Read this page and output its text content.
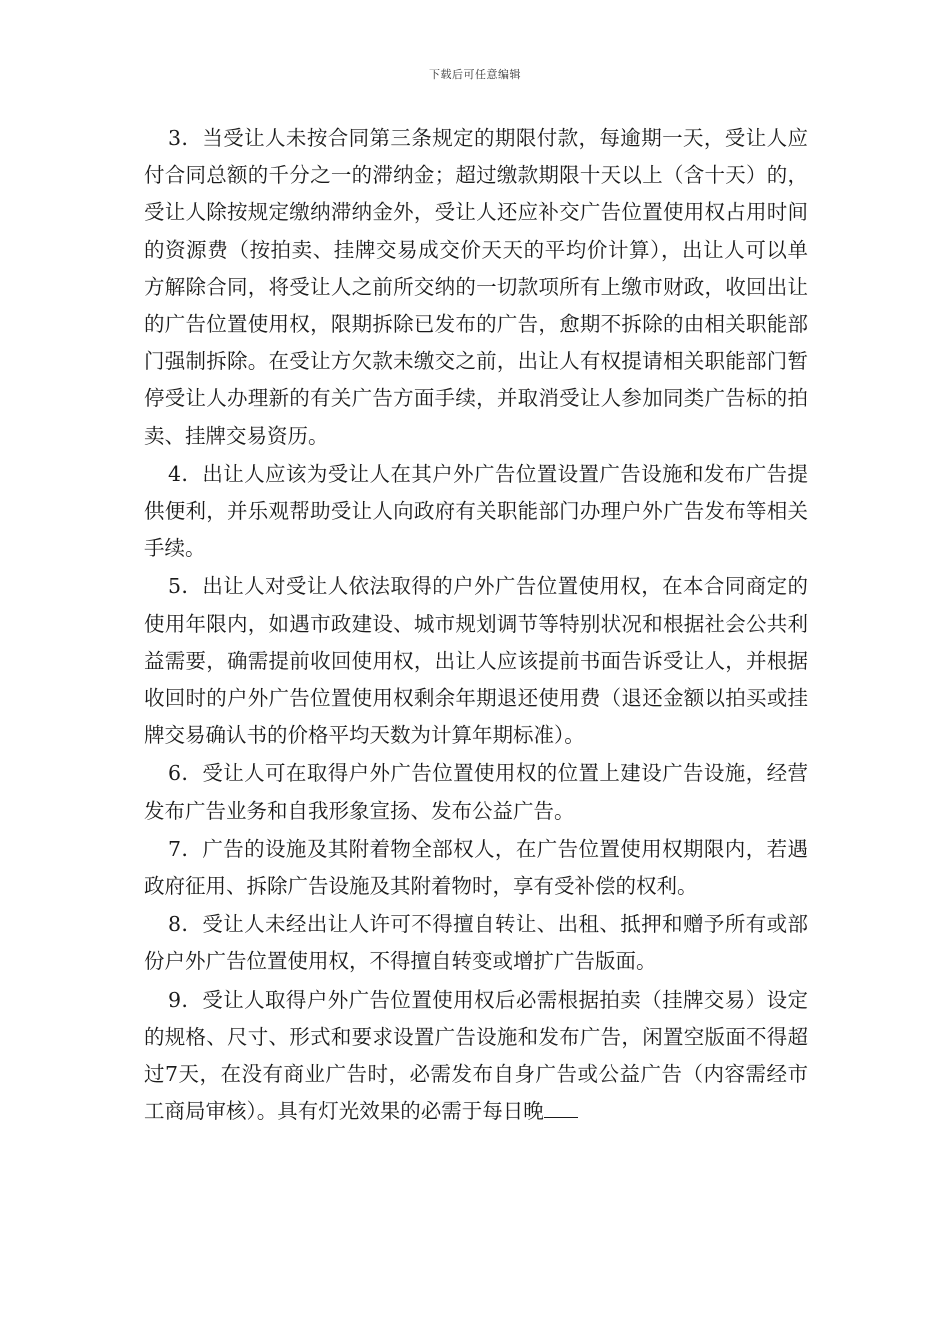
下载后可任意编辑

3．当受让人未按合同第三条规定的期限付款，每逾期一天，受让人应付合同总额的千分之一的滞纳金；超过缴款期限十天以上（含十天）的，受让人除按规定缴纳滞纳金外，受让人还应补交广告位置使用权占用时间的资源费（按拍卖、挂牌交易成交价天天的平均价计算），出让人可以单方解除合同，将受让人之前所交纳的一切款项所有上缴市财政，收回出让的广告位置使用权，限期拆除已发布的广告，愈期不拆除的由相关职能部门强制拆除。在受让方欠款未缴交之前，出让人有权提请相关职能部门暂停受让人办理新的有关广告方面手续，并取消受让人参加同类广告标的拍卖、挂牌交易资历。

4．出让人应该为受让人在其户外广告位置设置广告设施和发布广告提供便利，并乐观帮助受让人向政府有关职能部门办理户外广告发布等相关手续。

5．出让人对受让人依法取得的户外广告位置使用权，在本合同商定的使用年限内，如遇市政建设、城市规划调节等特别状况和根据社会公共利益需要，确需提前收回使用权，出让人应该提前书面告诉受让人，并根据收回时的户外广告位置使用权剩余年期退还使用费（退还金额以拍买或挂牌交易确认书的价格平均天数为计算年期标准）。

6．受让人可在取得户外广告位置使用权的位置上建设广告设施，经营发布广告业务和自我形象宣扬、发布公益广告。

7．广告的设施及其附着物全部权人，在广告位置使用权期限内，若遇政府征用、拆除广告设施及其附着物时，享有受补偿的权利。

8．受让人未经出让人许可不得擅自转让、出租、抵押和赠予所有或部份户外广告位置使用权，不得擅自转变或增扩广告版面。

9．受让人取得户外广告位置使用权后必需根据拍卖（挂牌交易）设定的规格、尺寸、形式和要求设置广告设施和发布广告，闲置空版面不得超过7天，在没有商业广告时，必需发布自身广告或公益广告（内容需经市工商局审核）。具有灯光效果的必需于每日晚
